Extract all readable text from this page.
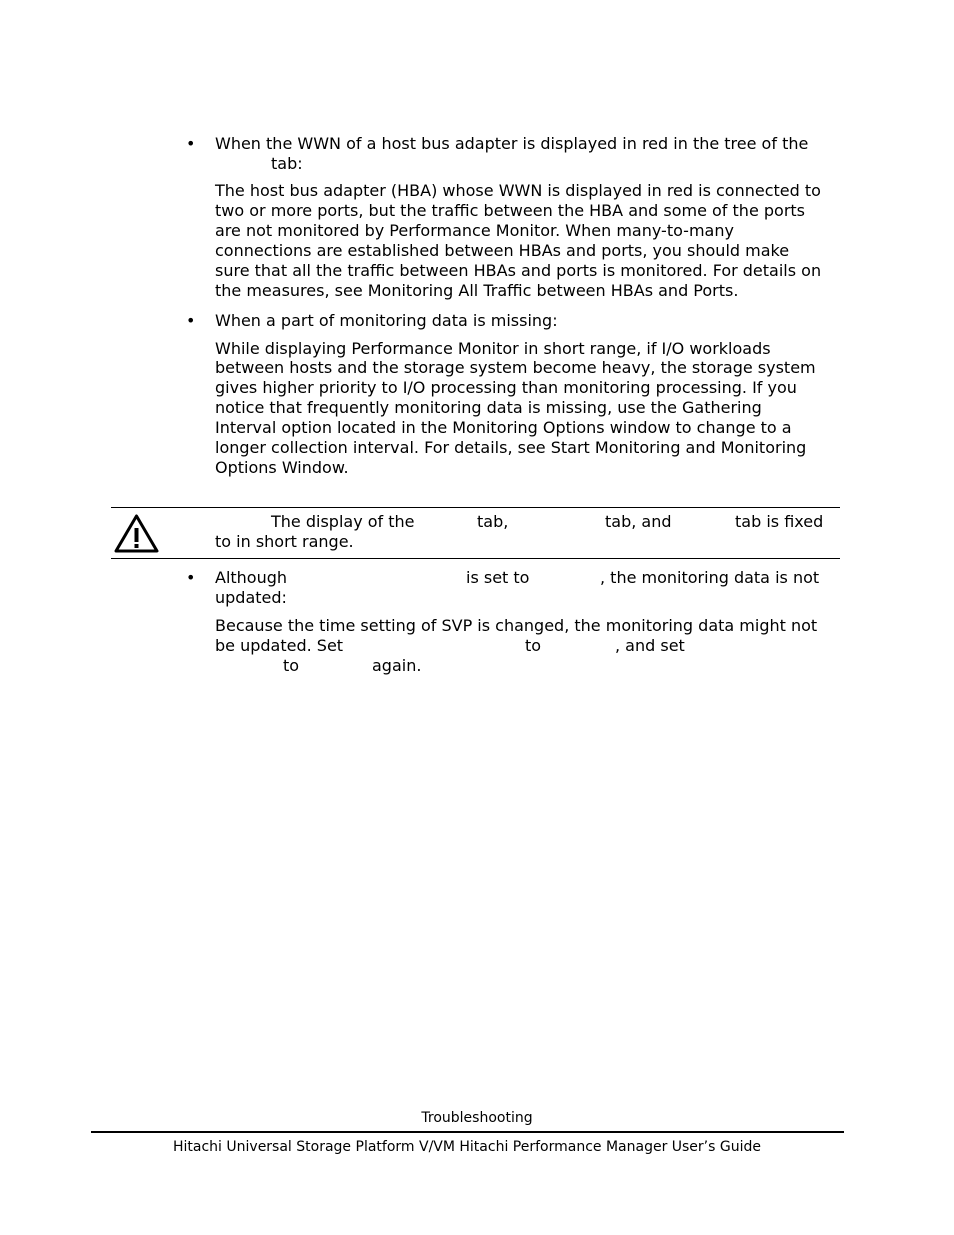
• When the WWN of a host bus adapter is displayed in red in the tree of the
tab:
The host bus adapter (HBA) whose WWN is displayed in red is connected to
two or more ports, but the traffic between the HBA and some of the ports
are not monitored by Performance Monitor. When many-to-many
connections are established between HBAs and ports, you should make
sure that all the traffic between HBAs and ports is monitored. For details on
the measures, see Monitoring All Traffic between HBAs and Ports.
• When a part of monitoring data is missing:
While displaying Performance Monitor in short range, if I/O workloads
between hosts and the storage system become heavy, the storage system
gives higher priority to I/O processing than monitoring processing. If you
notice that frequently monitoring data is missing, use the Gathering
Interval option located in the Monitoring Options window to change to a
longer collection interval. For details, see Start Monitoring and Monitoring
Options Window.
The display of the	tab,	tab, and	tab is fixed
to in short range.
• Although	is set to	, the monitoring data is not
updated:
Because the time setting of SVP is changed, the monitoring data might not
be updated. Set	to	, and set
to	again.
Troubleshooting
Hitachi Universal Storage Platform V/VM Hitachi Performance Manager User’s Guide
